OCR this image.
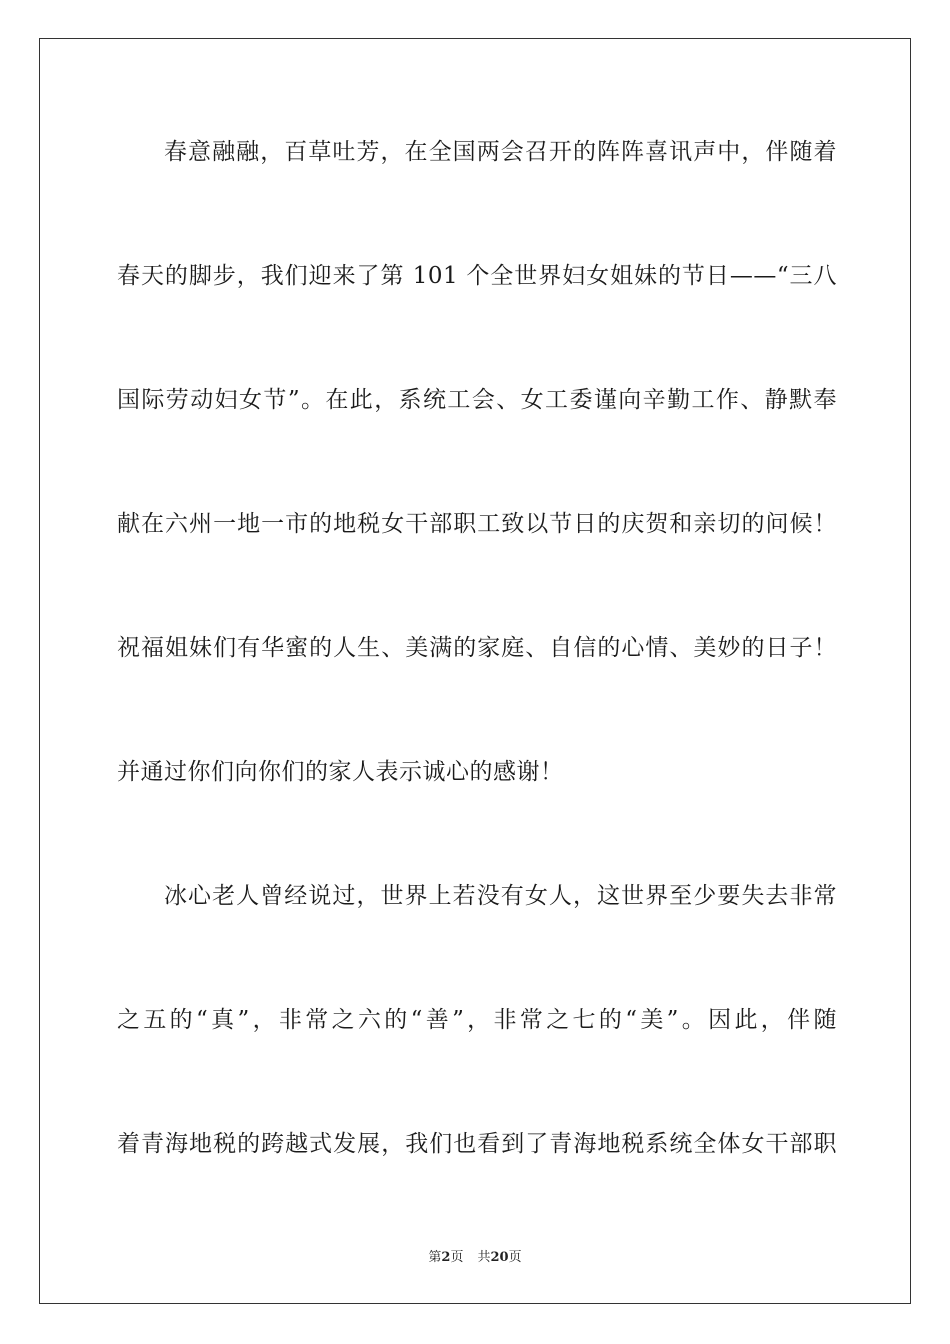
春意融融，百草吐芳，在全国两会召开的阵阵喜讯声中，伴随着
春天的脚步，我们迎来了第 101 个全世界妇女姐妹的节日——“三八
国际劳动妇女节”。在此，系统工会、女工委谨向辛勤工作、静默奉
献在六州一地一市的地税女干部职工致以节日的庆贺和亲切的问候！
祝福姐妹们有华蜜的人生、美满的家庭、自信的心情、美妙的日子！
并通过你们向你们的家人表示诚心的感谢！
冰心老人曾经说过，世界上若没有女人，这世界至少要失去非常
之五的“真”，非常之六的“善”，非常之七的“美”。因此，伴随
着青海地税的跨越式发展，我们也看到了青海地税系统全体女干部职
第2页 共20页
